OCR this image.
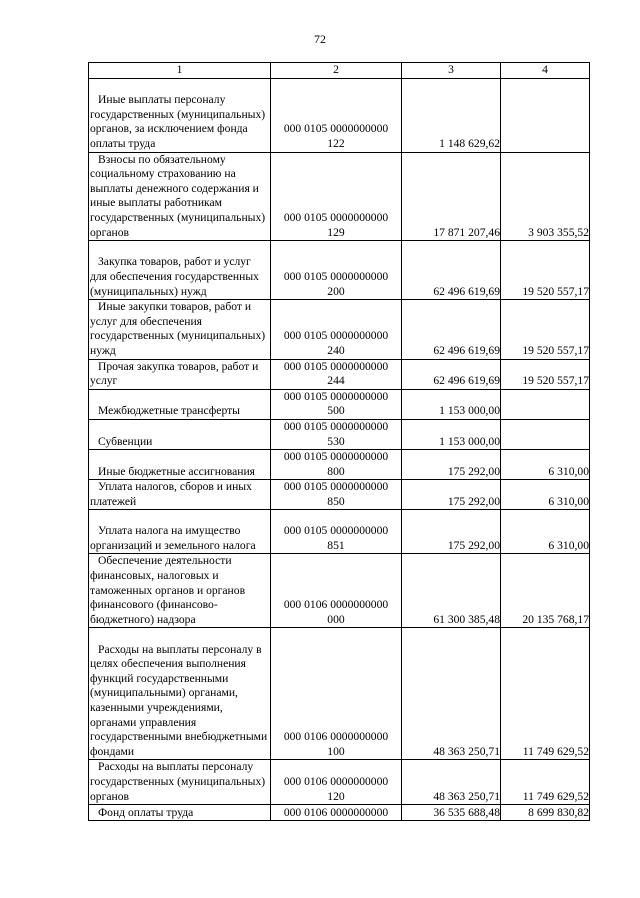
72
1	2	3	4

Иные выплаты персоналу государственных (муниципальных) органов, за исключением фонда оплаты труда	000 0105 0000000000
122	1 148 629,62	

Взносы по обязательному социальному страхованию на выплаты денежного содержания и иные выплаты работникам государственных (муниципальных) органов	000 0105 0000000000
129	17 871 207,46	3 903 355,52

Закупка товаров, работ и услуг для обеспечения государственных (муниципальных) нужд	000 0105 0000000000
200	62 496 619,69	19 520 557,17

Иные закупки товаров, работ и услуг для обеспечения государственных (муниципальных) нужд	000 0105 0000000000
240	62 496 619,69	19 520 557,17

Прочая закупка товаров, работ и услуг	000 0105 0000000000
244	62 496 619,69	19 520 557,17

Межбюджетные трансферты	000 0105 0000000000
500	1 153 000,00	

Субвенции	000 0105 0000000000
530	1 153 000,00	

Иные бюджетные ассигнования	000 0105 0000000000
800	175 292,00	6 310,00

Уплата налогов, сборов и иных платежей	000 0105 0000000000
850	175 292,00	6 310,00

Уплата налога на имущество организаций и земельного налога	000 0105 0000000000
851	175 292,00	6 310,00

Обеспечение деятельности финансовых, налоговых и таможенных органов и органов финансового (финансово-бюджетного) надзора	000 0106 0000000000
000	61 300 385,48	20 135 768,17

Расходы на выплаты персоналу в целях обеспечения выполнения функций государственными (муниципальными) органами, казенными учреждениями, органами управления государственными внебюджетными фондами	000 0106 0000000000
100	48 363 250,71	11 749 629,52

Расходы на выплаты персоналу государственных (муниципальных) органов	000 0106 0000000000
120	48 363 250,71	11 749 629,52

Фонд оплаты труда	000 0106 0000000000	36 535 688,48	8 699 830,82
